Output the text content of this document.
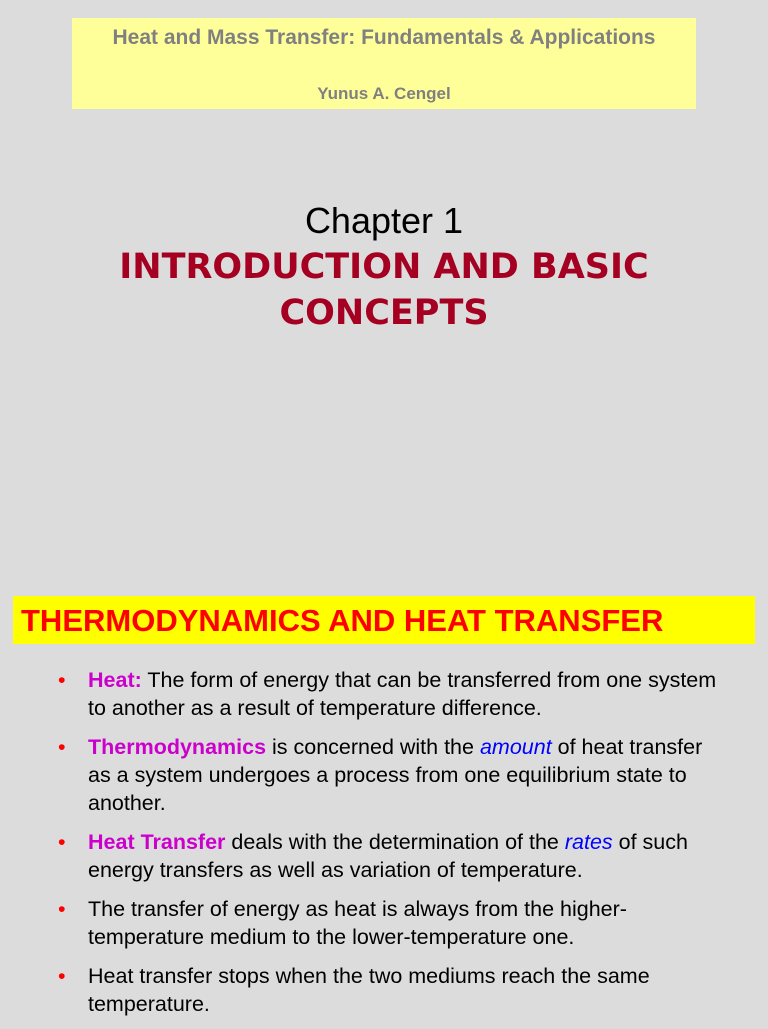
Heat and Mass Transfer: Fundamentals & Applications
Yunus A. Cengel
Chapter 1
INTRODUCTION AND BASIC CONCEPTS
THERMODYNAMICS AND HEAT TRANSFER
• Heat: The form of energy that can be transferred from one system to another as a result of temperature difference.
• Thermodynamics is concerned with the amount of heat transfer as a system undergoes a process from one equilibrium state to another.
• Heat Transfer deals with the determination of the rates of such energy transfers as well as variation of temperature.
• The transfer of energy as heat is always from the higher-temperature medium to the lower-temperature one.
• Heat transfer stops when the two mediums reach the same temperature.
